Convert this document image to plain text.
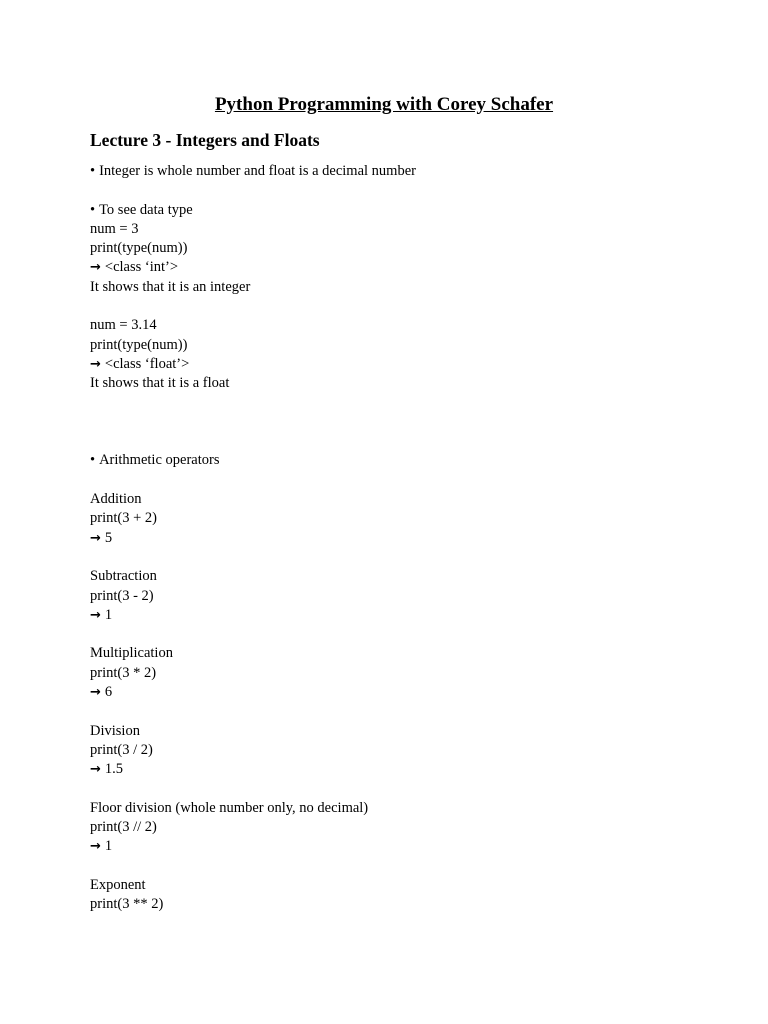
Python Programming with Corey Schafer
Lecture 3 - Integers and Floats
• Integer is whole number and float is a decimal number
• To see data type
num = 3
print(type(num))
→ <class ‘int’>
It shows that it is an integer
num = 3.14
print(type(num))
→ <class ‘float’>
It shows that it is a float
• Arithmetic operators
Addition
print(3 + 2)
→ 5
Subtraction
print(3 - 2)
→ 1
Multiplication
print(3 * 2)
→ 6
Division
print(3 / 2)
→ 1.5
Floor division (whole number only, no decimal)
print(3 // 2)
→ 1
Exponent
print(3 ** 2)
